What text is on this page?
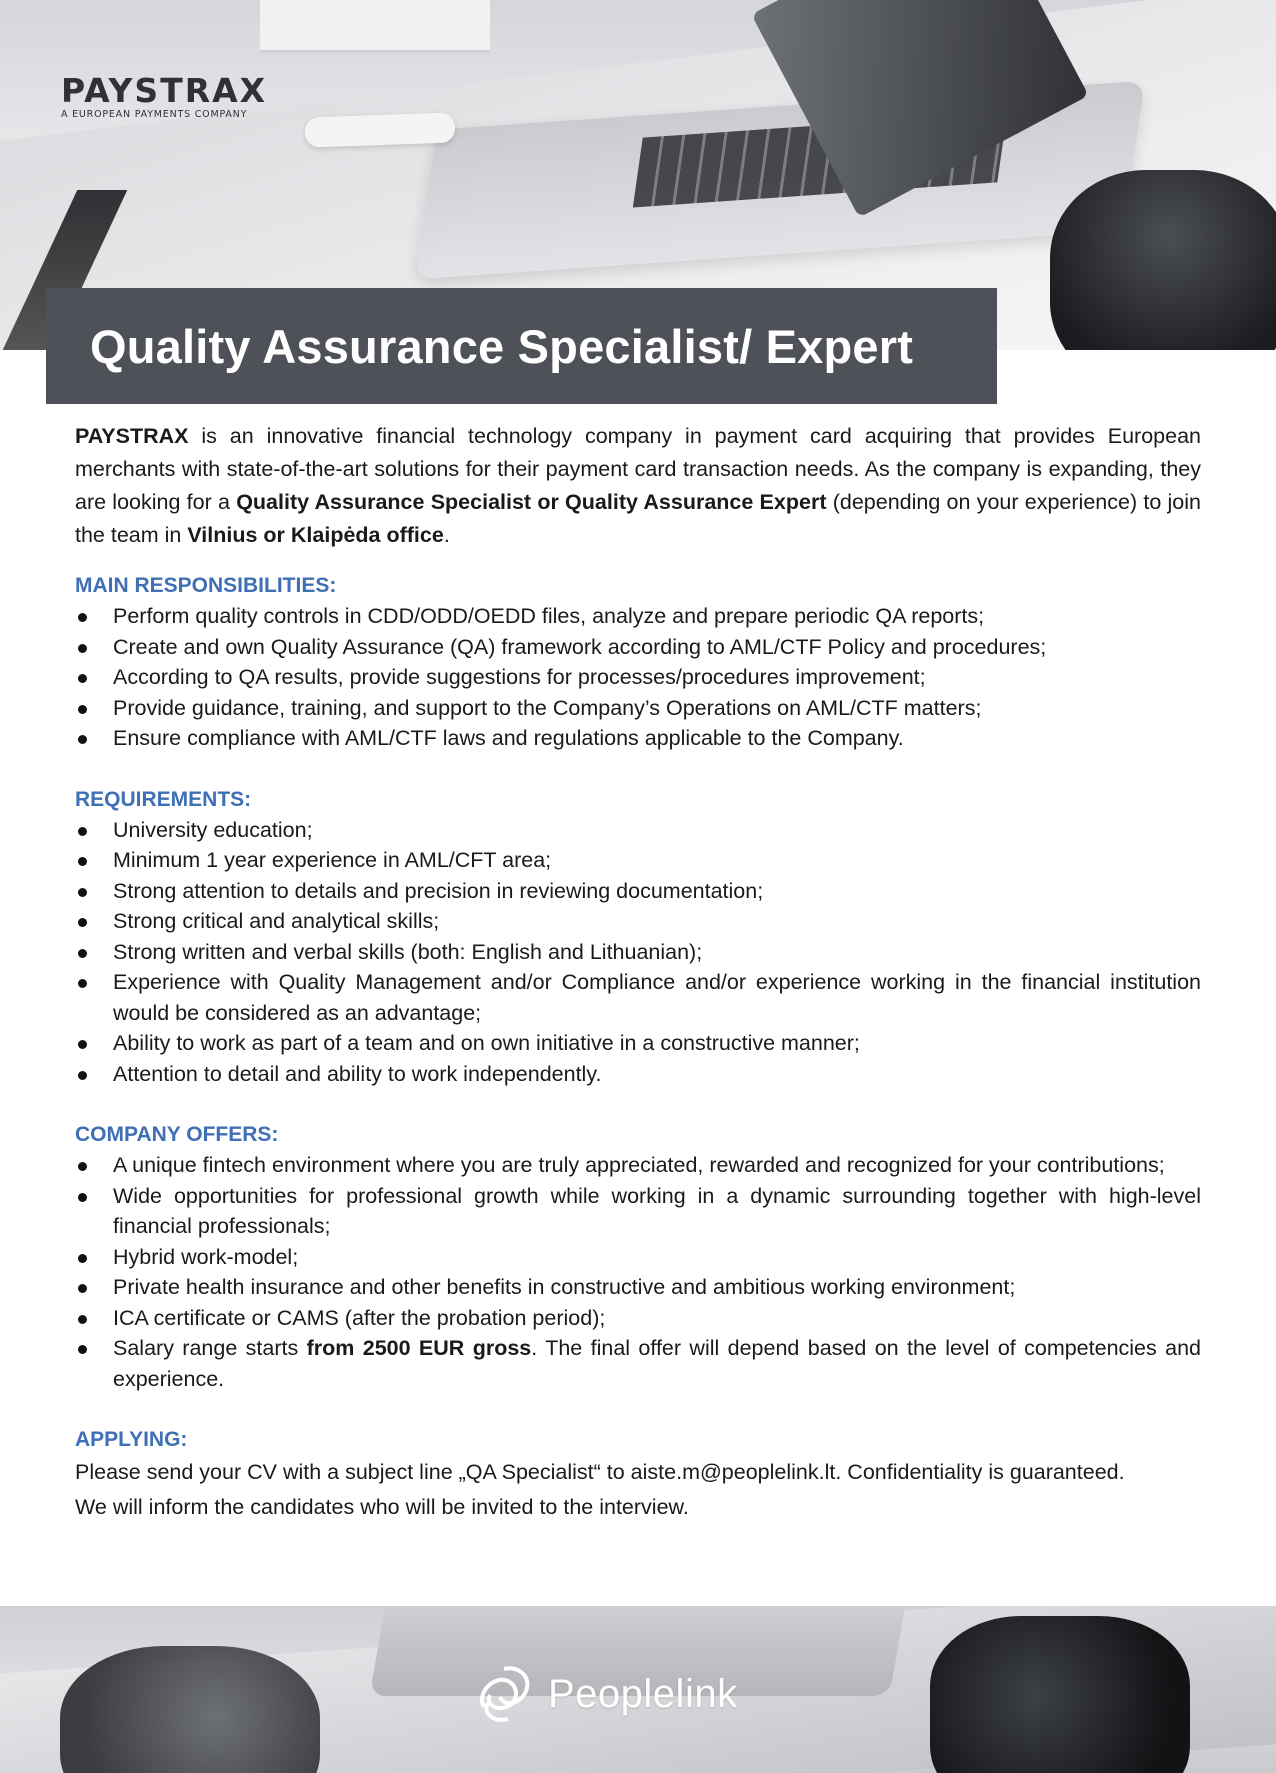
PAYSTRAX
A EUROPEAN PAYMENTS COMPANY
Quality Assurance Specialist/ Expert

PAYSTRAX is an innovative financial technology company in payment card acquiring that provides European merchants with state-of-the-art solutions for their payment card transaction needs. As the company is expanding, they are looking for a Quality Assurance Specialist or Quality Assurance Expert (depending on your experience) to join the team in Vilnius or Klaipėda office.

MAIN RESPONSIBILITIES:

Perform quality controls in CDD/ODD/OEDD files, analyze and prepare periodic QA reports;
Create and own Quality Assurance (QA) framework according to AML/CTF Policy and procedures;
According to QA results, provide suggestions for processes/procedures improvement;
Provide guidance, training, and support to the Company’s Operations on AML/CTF matters;
Ensure compliance with AML/CTF laws and regulations applicable to the Company.

REQUIREMENTS:

University education;
Minimum 1 year experience in AML/CFT area;
Strong attention to details and precision in reviewing documentation;
Strong critical and analytical skills;
Strong written and verbal skills (both: English and Lithuanian);
Experience with Quality Management and/or Compliance and/or experience working in the financial institution would be considered as an advantage;
Ability to work as part of a team and on own initiative in a constructive manner;
Attention to detail and ability to work independently.

COMPANY OFFERS:

A unique fintech environment where you are truly appreciated, rewarded and recognized for your contributions;
Wide opportunities for professional growth while working in a dynamic surrounding together with high-level financial professionals;
Hybrid work-model;
Private health insurance and other benefits in constructive and ambitious working environment;
ICA certificate or CAMS (after the probation period);
Salary range starts from 2500 EUR gross. The final offer will depend based on the level of competencies and experience.

APPLYING:

Please send your CV with a subject line „QA Specialist“ to aiste.m@peoplelink.lt. Confidentiality is guaranteed.

We will inform the candidates who will be invited to the interview.

Peoplelink
